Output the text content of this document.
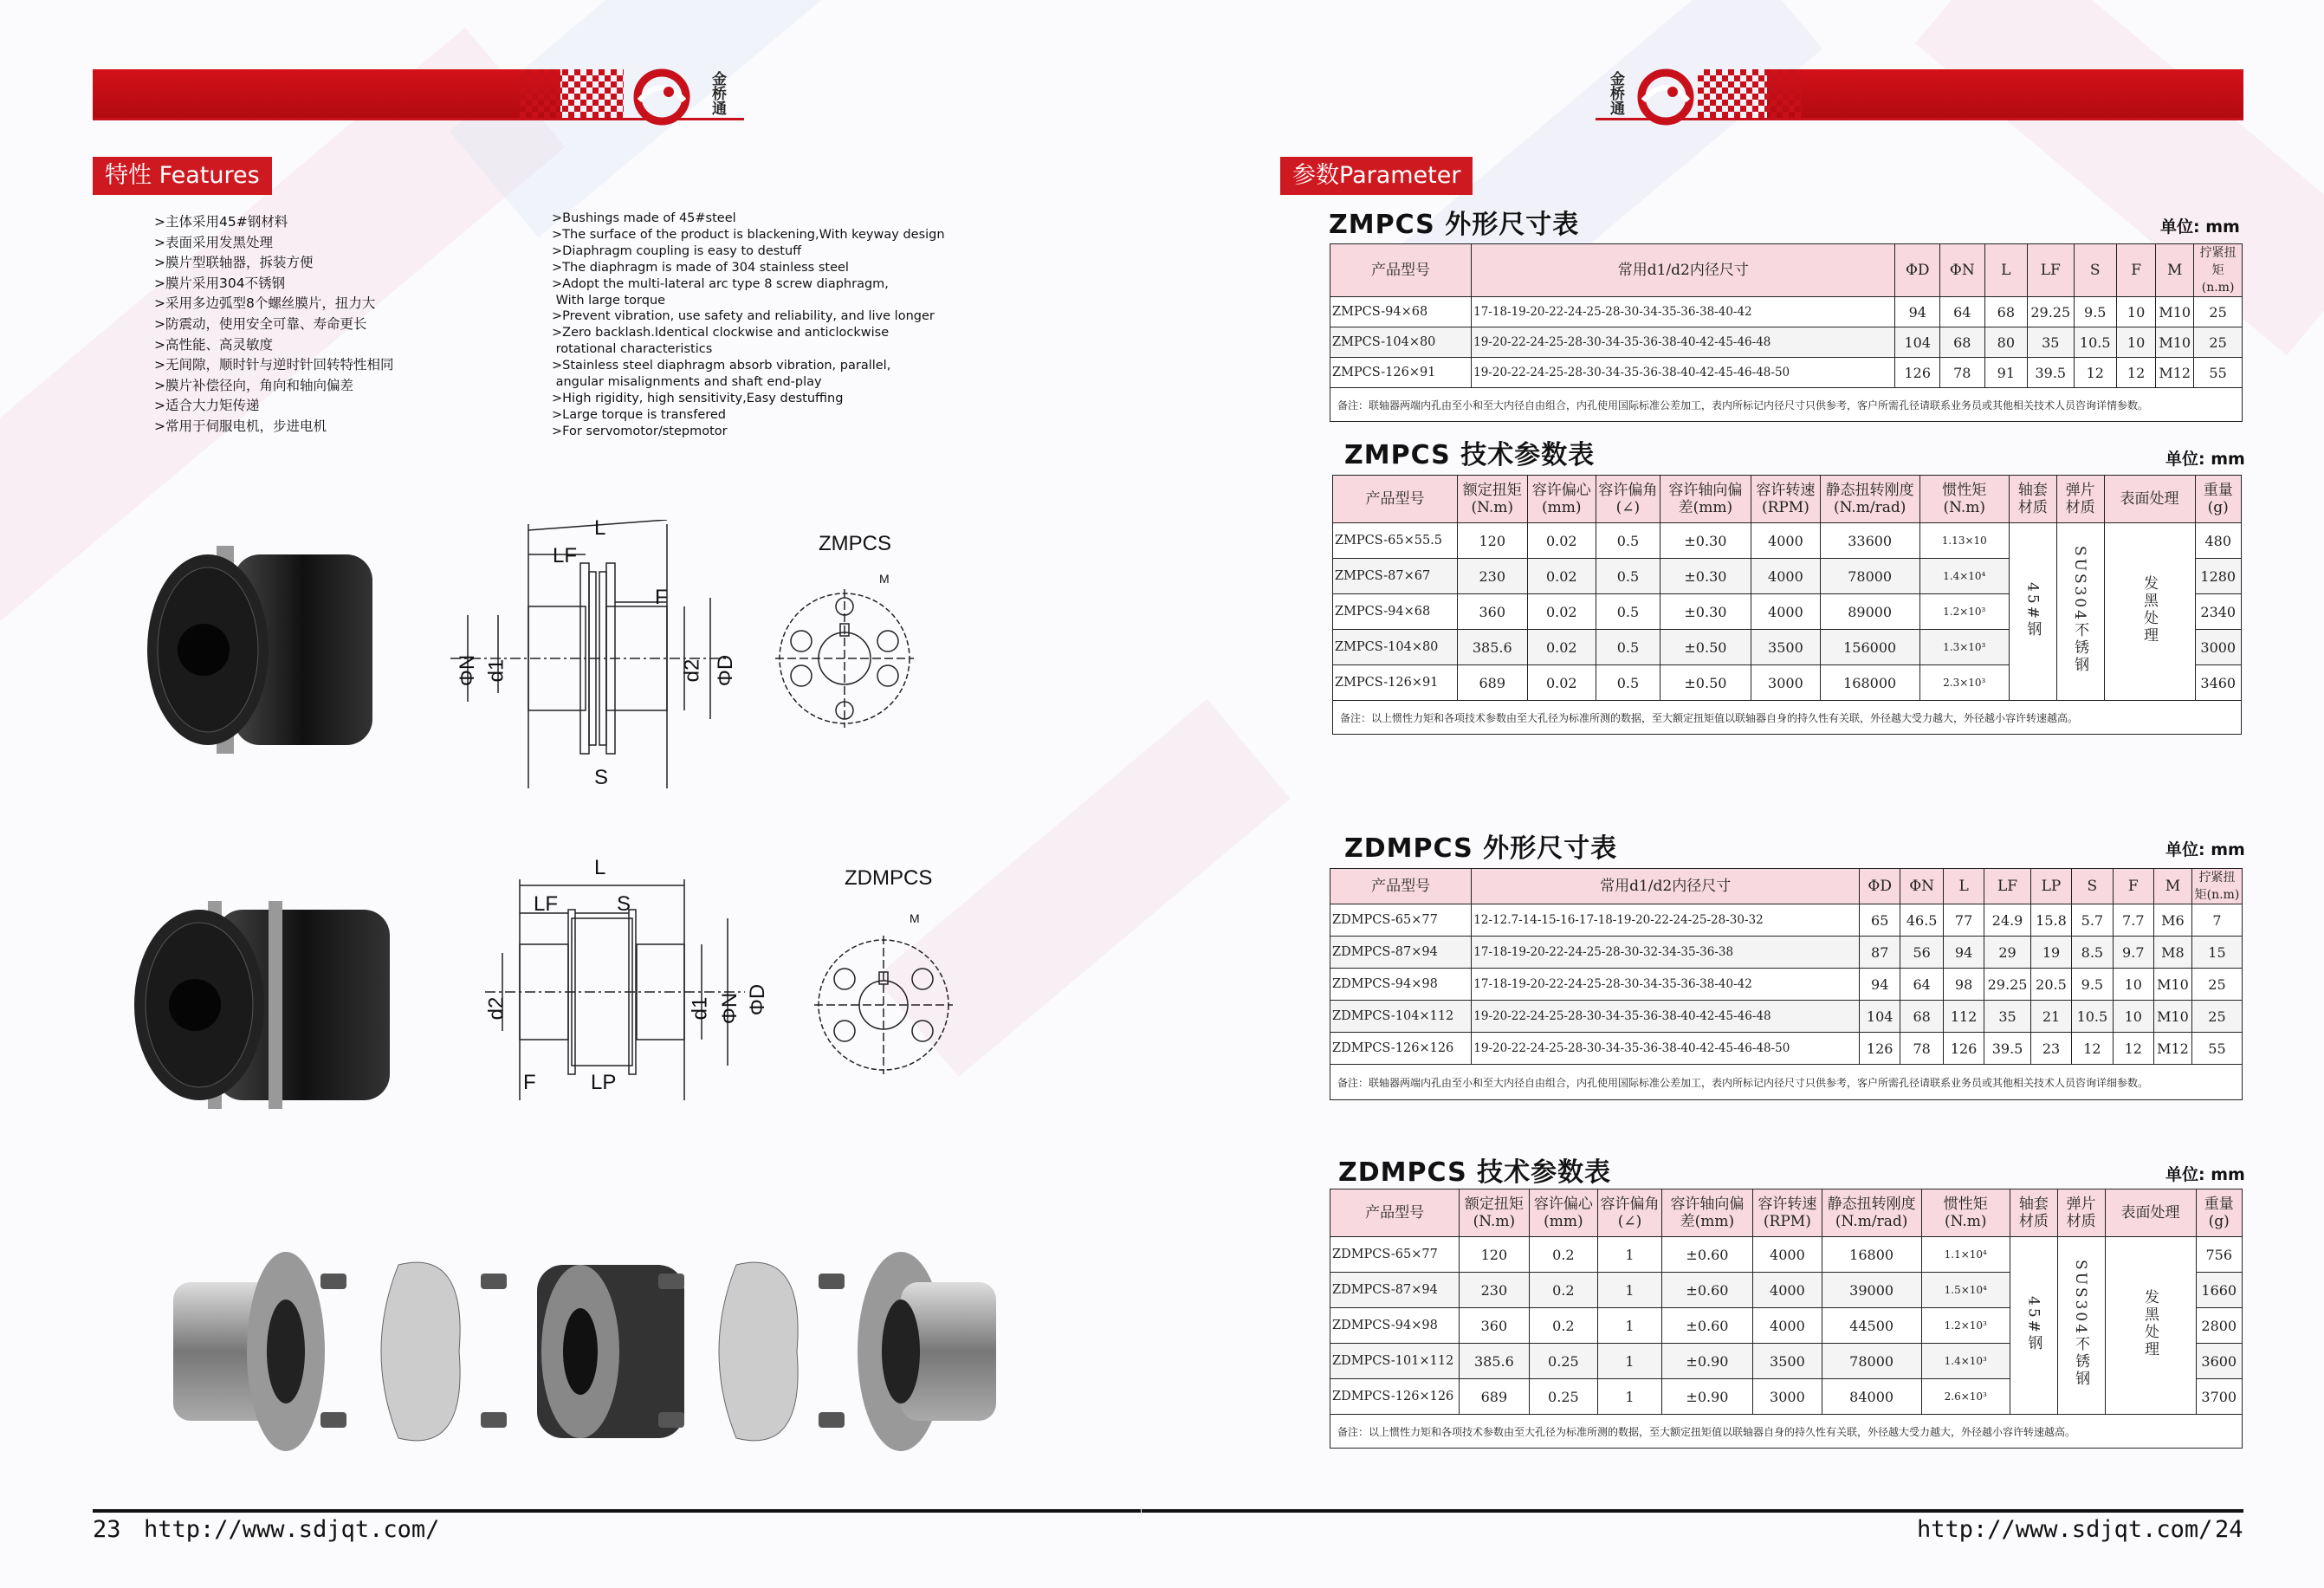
金桥通
特性 Features
>主体采用45#钢材料
>表面采用发黑处理
>膜片型联轴器，拆装方便
>膜片采用304不锈钢
>采用多边弧型8个螺丝膜片，扭力大
>防震动，使用安全可靠、寿命更长
>高性能、高灵敏度
>无间隙，顺时针与逆时针回转特性相同
>膜片补偿径向，角向和轴向偏差
>适合大力矩传递
>常用于伺服电机，步进电机
>Bushings made of 45#steel
>The surface of the product is blackening,With keyway design
>Diaphragm coupling is easy to destuff
>The diaphragm is made of 304 stainless steel
>Adopt the multi-lateral arc type 8 screw diaphragm,
With large torque
>Prevent vibration, use safety and reliability, and live longer
>Zero backlash.Identical clockwise and anticlockwise
rotational characteristics
>Stainless steel diaphragm absorb vibration, parallel,
angular misalignments and shaft end-play
>High rigidity, high sensitivity,Easy destuffing
>Large torque is transfered
>For servomotor/stepmotor
L
LF
F
ΦN d1	d2 ΦD
S
ZMPCS
M
L
LF	S
d2	d1 ΦN ΦD
F	LP
ZDMPCS
M
23 http://www.sdjqt.com/
金桥通
参数Parameter
ZMPCS 外形尺寸表	单位: mm
产品型号	常用d1/d2内径尺寸	ΦD	ΦN	L	LF	S	F	M	拧紧扭矩(n.m)
ZMPCS-94×68	17-18-19-20-22-24-25-28-30-34-35-36-38-40-42	94	64	68	29.25	9.5	10	M10	25
ZMPCS-104×80	19-20-22-24-25-28-30-34-35-36-38-40-42-45-46-48	104	68	80	35	10.5	10	M10	25
ZMPCS-126×91	19-20-22-24-25-28-30-34-35-36-38-40-42-45-46-48-50	126	78	91	39.5	12	12	M12	55
备注：联轴器两端内孔由至小和至大内径自由组合，内孔使用国际标准公差加工，表内所标记内径尺寸只供参考，客户所需孔径请联系业务员或其他相关技术人员咨询详情参数。									
ZMPCS 技术参数表	单位: mm
产品型号	额定扭矩(N.m)	容许偏心(mm)	容许偏角(∠)	容许轴向偏差(mm)	容许转速(RPM)	静态扭转刚度(N.m/rad)	惯性矩(N.m)	轴套材质	弹片材质	表面处理	重量(g)
ZMPCS-65×55.5	120	0.02	0.5	±0.30	4000	33600	1.13×10	45#钢	SUS304不锈钢	发黑处理	480
ZMPCS-87×67	230	0.02	0.5	±0.30	4000	78000	1.4×10⁴				1280
ZMPCS-94×68	360	0.02	0.5	±0.30	4000	89000	1.2×10³				2340
ZMPCS-104×80	385.6	0.02	0.5	±0.50	3500	156000	1.3×10³				3000
ZMPCS-126×91	689	0.02	0.5	±0.50	3000	168000	2.3×10³				3460
备注：以上惯性力矩和各项技术参数由至大孔径为标准所测的数据，至大额定扭矩值以联轴器自身的持久性有关联，外径越大受力越大，外径越小容许转速越高。											
ZDMPCS 外形尺寸表	单位: mm
产品型号	常用d1/d2内径尺寸	ΦD	ΦN	L	LF	LP	S	F	M	拧紧扭矩(n.m)
ZDMPCS-65×77	12-12.7-14-15-16-17-18-19-20-22-24-25-28-30-32	65	46.5	77	24.9	15.8	5.7	7.7	M6	7
ZDMPCS-87×94	17-18-19-20-22-24-25-28-30-32-34-35-36-38	87	56	94	29	19	8.5	9.7	M8	15
ZDMPCS-94×98	17-18-19-20-22-24-25-28-30-34-35-36-38-40-42	94	64	98	29.25	20.5	9.5	10	M10	25
ZDMPCS-104×112	19-20-22-24-25-28-30-34-35-36-38-40-42-45-46-48	104	68	112	35	21	10.5	10	M10	25
ZDMPCS-126×126	19-20-22-24-25-28-30-34-35-36-38-40-42-45-46-48-50	126	78	126	39.5	23	12	12	M12	55
备注：联轴器两端内孔由至小和至大内径自由组合，内孔使用国际标准公差加工，表内所标记内径尺寸只供参考，客户所需孔径请联系业务员或其他相关技术人员咨询详细参数。										
ZDMPCS 技术参数表	单位: mm
产品型号	额定扭矩(N.m)	容许偏心(mm)	容许偏角(∠)	容许轴向偏差(mm)	容许转速(RPM)	静态扭转刚度(N.m/rad)	惯性矩(N.m)	轴套材质	弹片材质	表面处理	重量(g)
ZDMPCS-65×77	120	0.2	1	±0.60	4000	16800	1.1×10⁴	45#钢	SUS304不锈钢	发黑处理	756
ZDMPCS-87×94	230	0.2	1	±0.60	4000	39000	1.5×10⁴				1660
ZDMPCS-94×98	360	0.2	1	±0.60	4000	44500	1.2×10³				2800
ZDMPCS-101×112	385.6	0.25	1	±0.90	3500	78000	1.4×10³				3600
ZDMPCS-126×126	689	0.25	1	±0.90	3000	84000	2.6×10³				3700
备注：以上惯性力矩和各项技术参数由至大孔径为标准所测的数据，至大额定扭矩值以联轴器自身的持久性有关联，外径越大受力越大，外径越小容许转速越高。											
http://www.sdjqt.com/ 24
